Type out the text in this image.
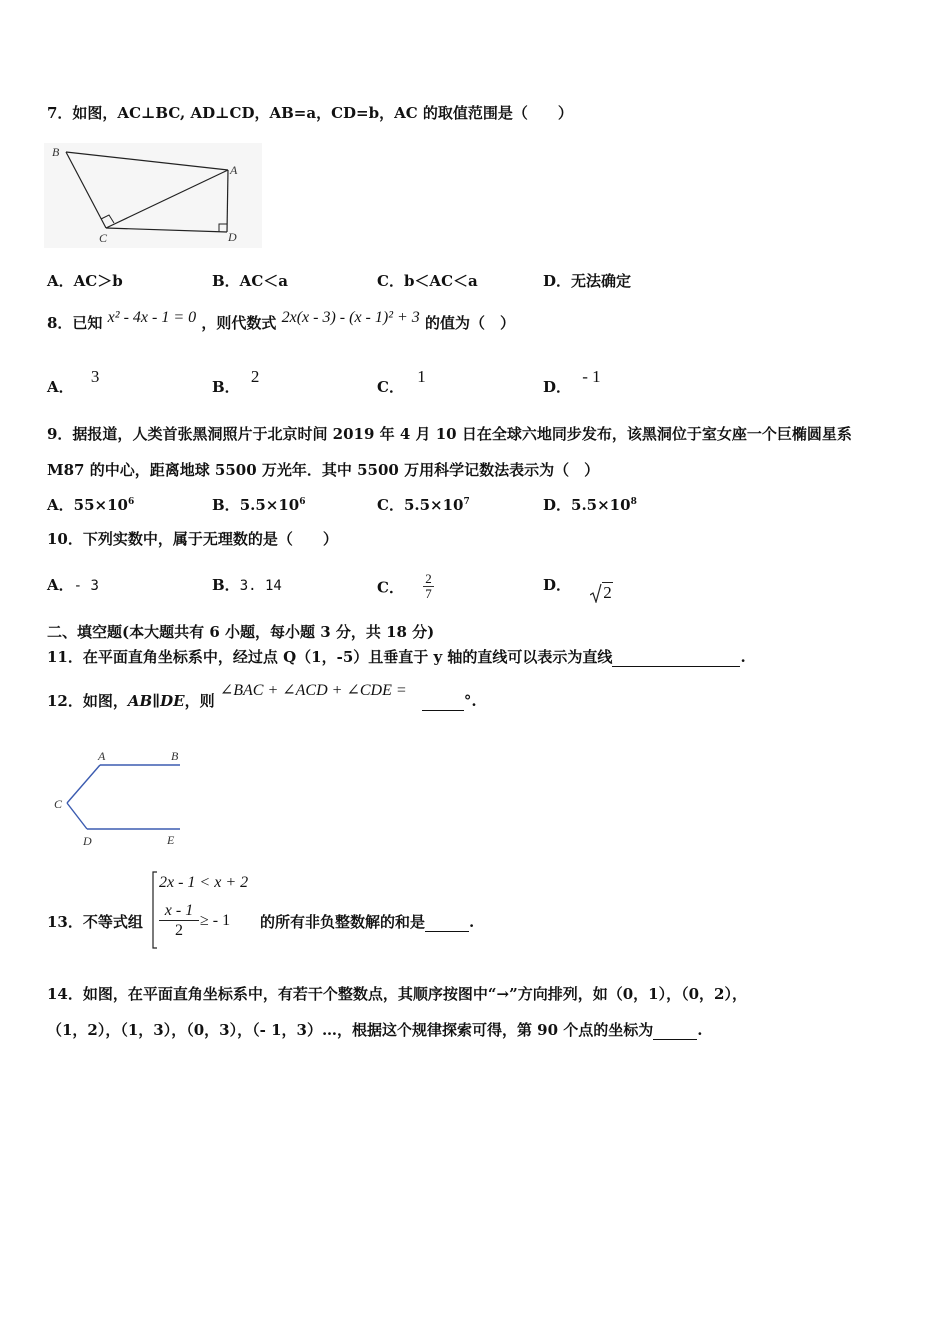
7．如图，AC⊥BC, AD⊥CD，AB=a，CD=b，AC 的取值范围是（　　）
B
A
C	D
A．AC＞b	B．AC＜a	C．b＜AC＜a	D．无法确定
8．已知 x² - 4x - 1 = 0 ，则代数式 2x(x - 3) - (x - 1)² + 3 的值为（　）
A． 3
B． 2
C． 1
D． - 1
9．据报道，人类首张黑洞照片于北京时间 2019 年 4 月 10 日在全球六地同步发布，该黑洞位于室女座一个巨椭圆星系
M87 的中心，距离地球 5500 万光年．其中 5500 万用科学记数法表示为（　）
A．$55\times 10^6$	B．$5.5\times 10^6$	C．$5.5\times 10^7$	D．$5.5\times 10^8$
10．下列实数中，属于无理数的是（　　）
A．- 3	B．3. 14	C． $\frac{2}{7}$	D． 2
二、填空题(本大题共有 6 小题，每小题 3 分，共 18 分)
11．在平面直角坐标系中，经过点 Q（1，-5）且垂直于 y 轴的直线可以表示为直线	.
12．如图，AB∥DE，则 ∠BAC + ∠ACD + ∠CDE =  °.
A	B
C
D	E
13．不等式组
2x - 1 < x + 2
x - 1
2
≥ - 1 的所有非负整数解的和是	.
14．如图，在平面直角坐标系中，有若干个整数点，其顺序按图中“→”方向排列，如（0，1），（0，2），
（1，2），（1，3），（0，3），（- 1，3）…，根据这个规律探索可得，第 90 个点的坐标为	.
